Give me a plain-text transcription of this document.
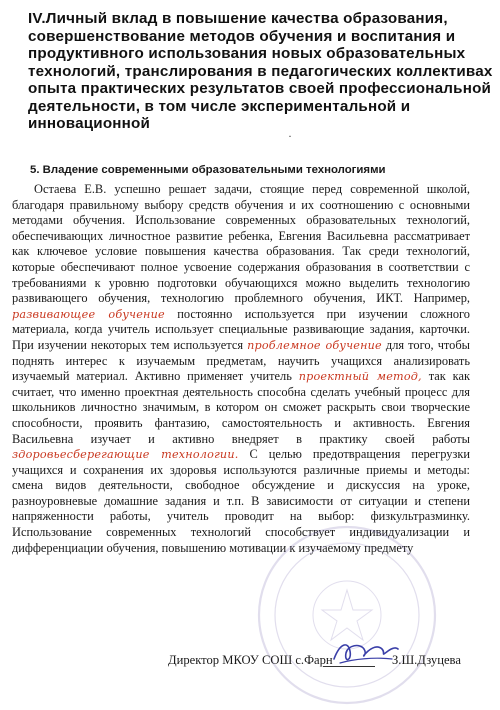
IV.Личный вклад в повышение качества образования,
совершенствование методов обучения и воспитания и
продуктивного использования новых образовательных
технологий, транслирования в педагогических коллективах
опыта практических результатов своей профессиональной
деятельности, в том числе экспериментальной и
инновационной
·
5. Владение современными образовательными технологиями

Остаева Е.В. успешно решает задачи, стоящие перед современной школой, благодаря правильному выбору средств обучения и их соотношению с основными методами обучения. Использование современных образовательных технологий, обеспечивающих личностное развитие ребенка, Евгения Васильевна рассматривает как ключевое условие повышения качества образования. Так среди технологий, которые обеспечивают полное усвоение содержания образования в соответствии с требованиями к уровню подготовки обучающихся можно выделить технологию развивающего обучения, технологию проблемного обучения, ИКТ. Например, развивающее обучение постоянно используется при изучении сложного материала, когда учитель использует специальные развивающие задания, карточки. При изучении некоторых тем используется проблемное обучение для того, чтобы поднять интерес к изучаемым предметам, научить учащихся анализировать изучаемый материал. Активно применяет учитель проектный метод, так как считает, что именно проектная деятельность способна сделать учебный процесс для школьников личностно значимым, в котором он сможет раскрыть свои творческие способности, проявить фантазию, самостоятельность и активность. Евгения Васильевна изучает и активно внедряет в практику своей работы здоровьесберегающие технологии. С целью предотвращения перегрузки учащихся и сохранения их здоровья используются различные приемы и методы: смена видов деятельности, свободное обсуждение и дискуссия на уроке, разноуровневые домашние задания и т.п. В зависимости от ситуации и степени напряженности работы, учитель проводит на выбор: физкультразминку. Использование современных технологий способствует индивидуализации и дифференциации обучения, повышению мотивации к изучаемому предмету

Директор МКОУ СОШ с.Фарн	З.Ш.Дзуцева
